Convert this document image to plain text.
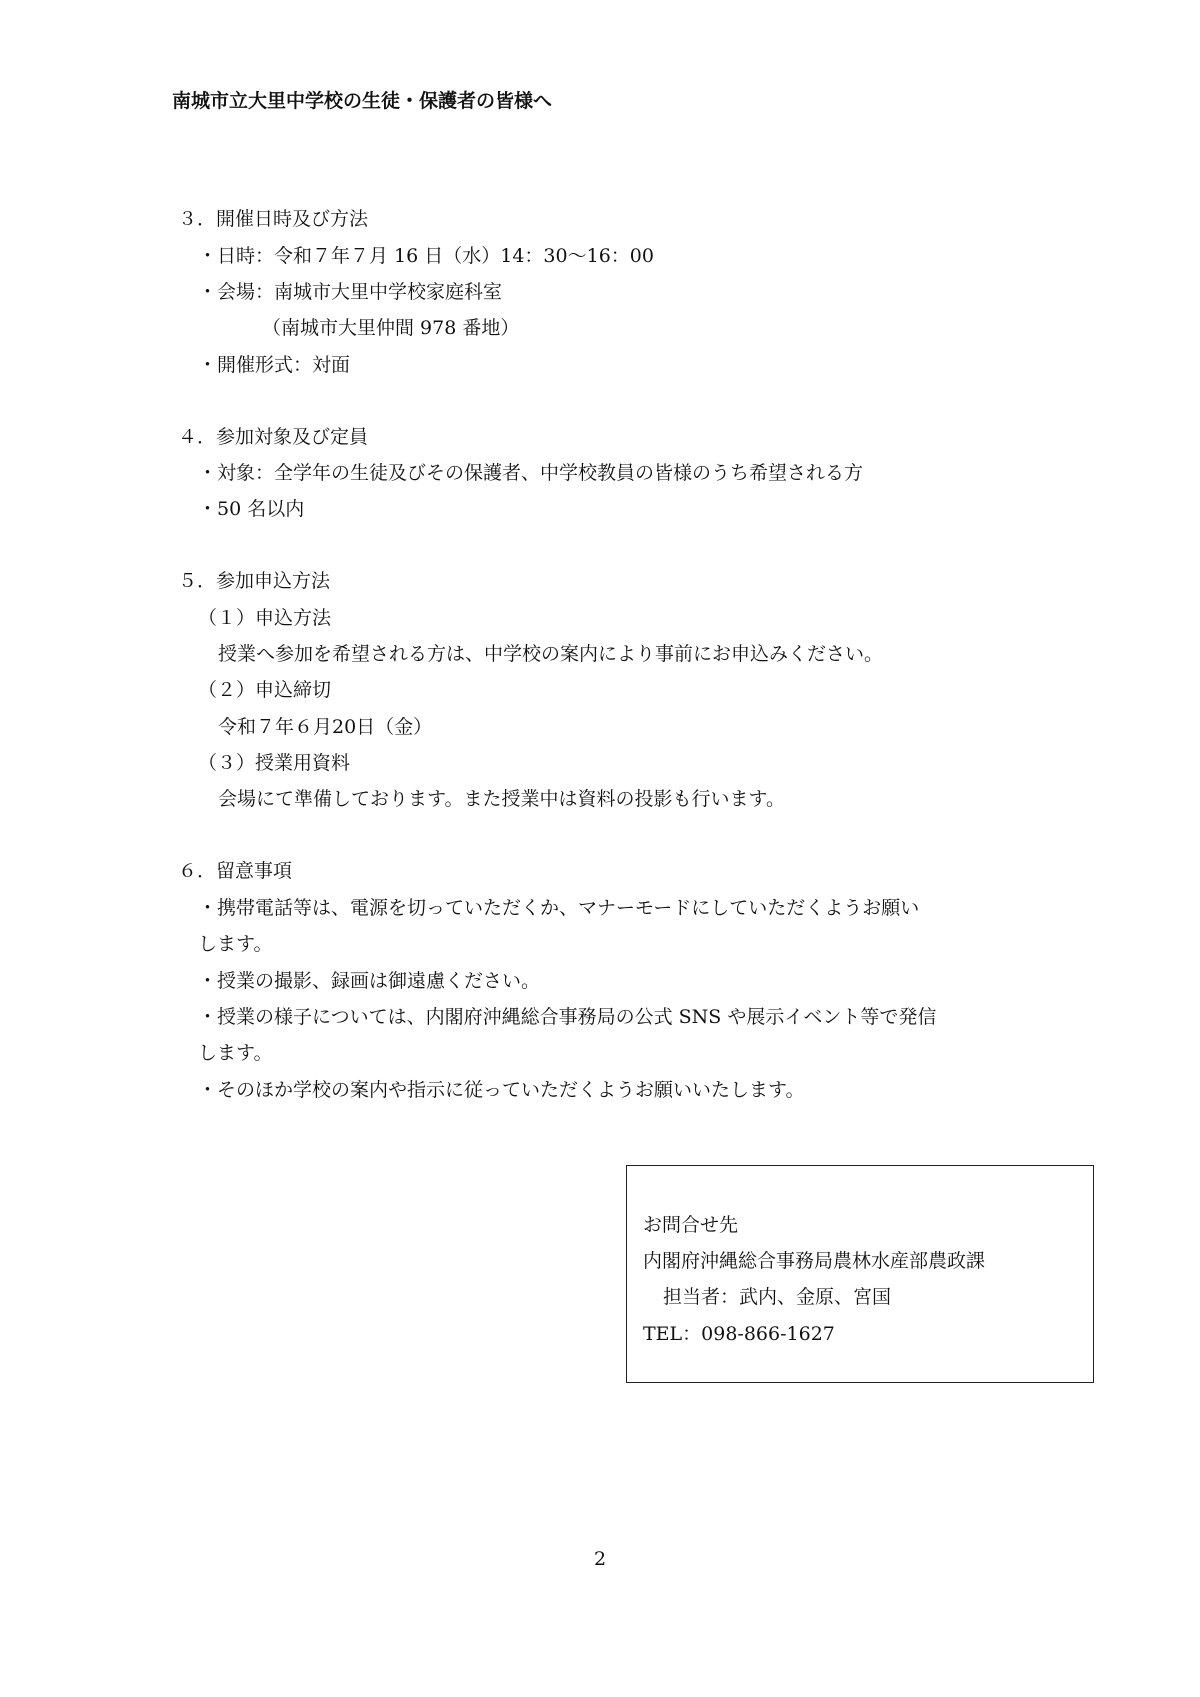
南城市立大里中学校の生徒・保護者の皆様へ
３．開催日時及び方法
・日時：令和７年７月 16 日（水）14：30～16：00
・会場：南城市大里中学校家庭科室
（南城市大里仲間 978 番地）
・開催形式：対面
４．参加対象及び定員
・対象：全学年の生徒及びその保護者、中学校教員の皆様のうち希望される方
・50 名以内
５．参加申込方法
（１）申込方法
授業へ参加を希望される方は、中学校の案内により事前にお申込みください。
（２）申込締切
令和７年６月20日（金）
（３）授業用資料
会場にて準備しております。また授業中は資料の投影も行います。
６．留意事項
・携帯電話等は、電源を切っていただくか、マナーモードにしていただくようお願い
します。
・授業の撮影、録画は御遠慮ください。
・授業の様子については、内閣府沖縄総合事務局の公式 SNS や展示イベント等で発信
します。
・そのほか学校の案内や指示に従っていただくようお願いいたします。
お問合せ先
内閣府沖縄総合事務局農林水産部農政課
担当者：武内、金原、宮国
TEL：098-866-1627
2
